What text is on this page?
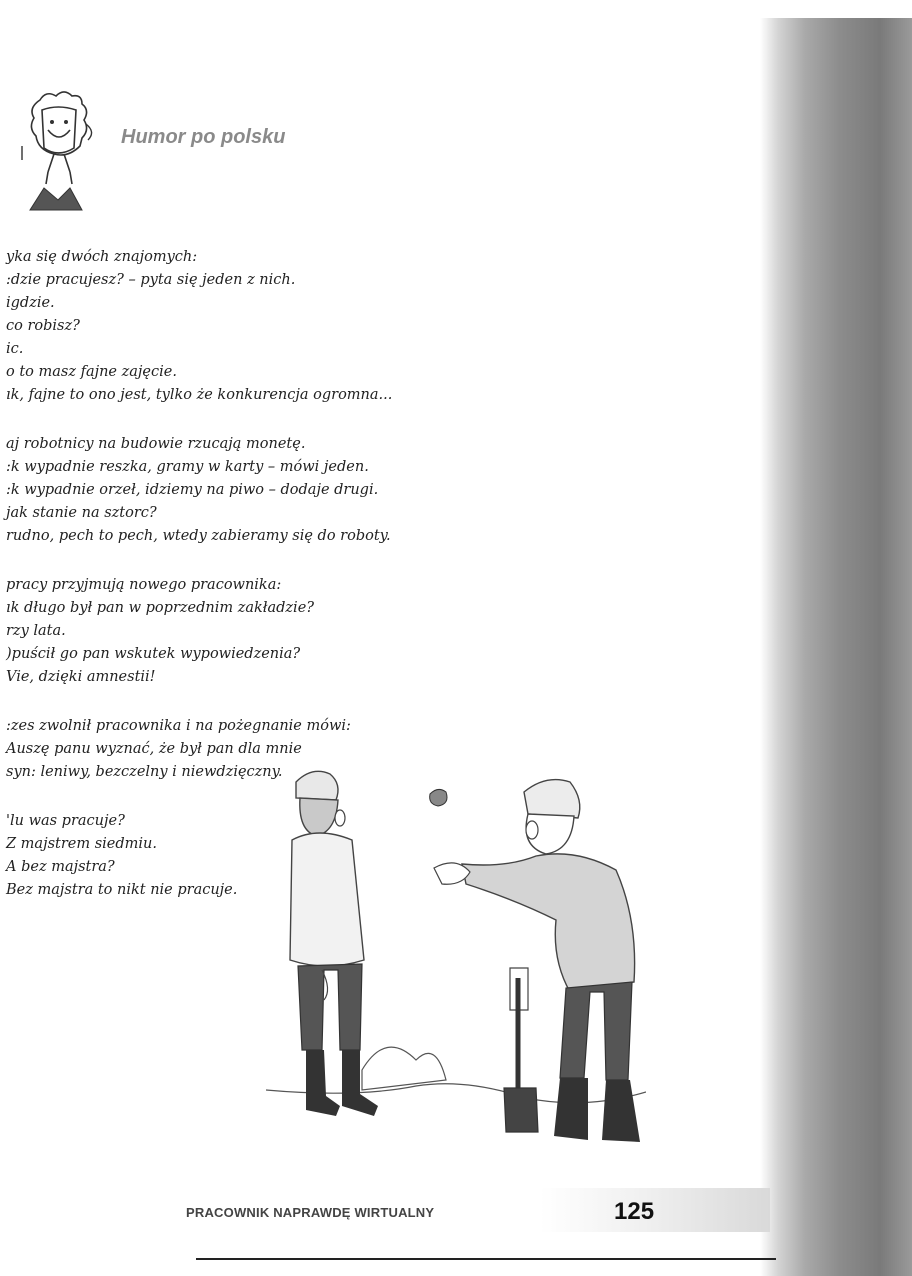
Humor po polsku

yka się dwóch znajomych:

:dzie pracujesz? – pyta się jeden z nich.

igdzie.

co robisz?

ic.

o to masz fajne zajęcie.

ık, fajne to ono jest, tylko że konkurencja ogromna...

aj robotnicy na budowie rzucają monetę.

:k wypadnie reszka, gramy w karty – mówi jeden.

:k wypadnie orzeł, idziemy na piwo – dodaje drugi.

jak stanie na sztorc?

rudno, pech to pech, wtedy zabieramy się do roboty.

pracy przyjmują nowego pracownika:

ık długo był pan w poprzednim zakładzie?

rzy lata.

)puścił go pan wskutek wypowiedzenia?

Vie, dzięki amnestii!

:zes zwolnił pracownika i na pożegnanie mówi:

Auszę panu wyznać, że był pan dla mnie

syn: leniwy, bezczelny i niewdzięczny.

'lu was pracuje?

Z majstrem siedmiu.

A bez majstra?

Bez majstra to nikt nie pracuje.

PRACOWNIK NAPRAWDĘ WIRTUALNY	125
